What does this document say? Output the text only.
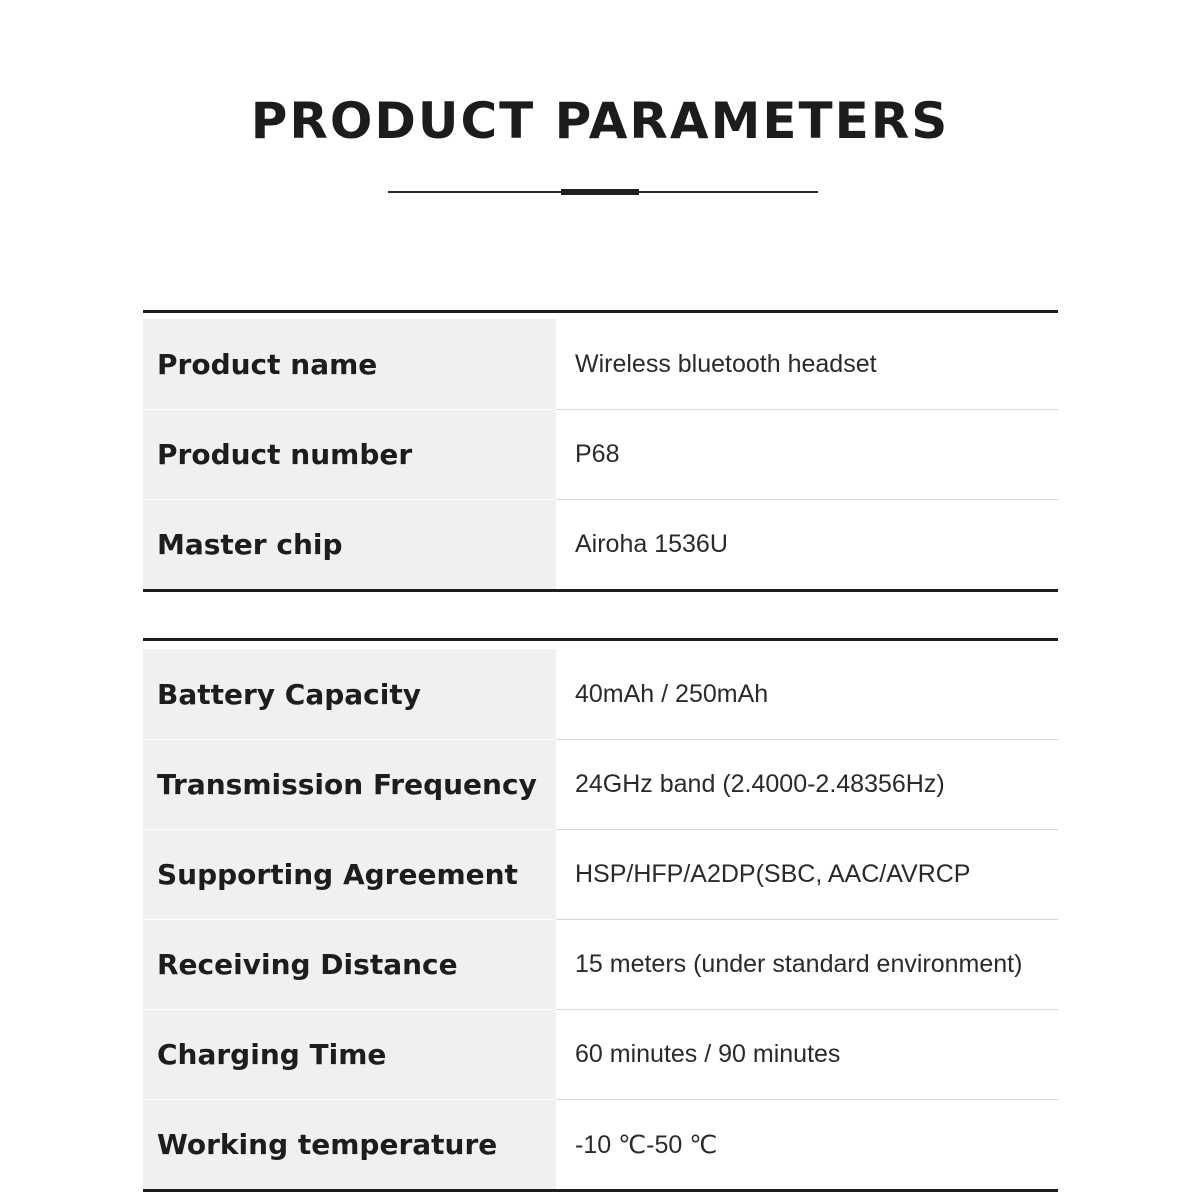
PRODUCT PARAMETERS
Product name	Wireless bluetooth headset
Product number	P68
Master chip	Airoha 1536U
Battery Capacity	40mAh / 250mAh
Transmission Frequency	24GHz band (2.4000-2.48356Hz)
Supporting Agreement	HSP/HFP/A2DP(SBC, AAC/AVRCP
Receiving Distance	15 meters (under standard environment)
Charging Time	60 minutes / 90 minutes
Working temperature	-10 ℃-50 ℃
